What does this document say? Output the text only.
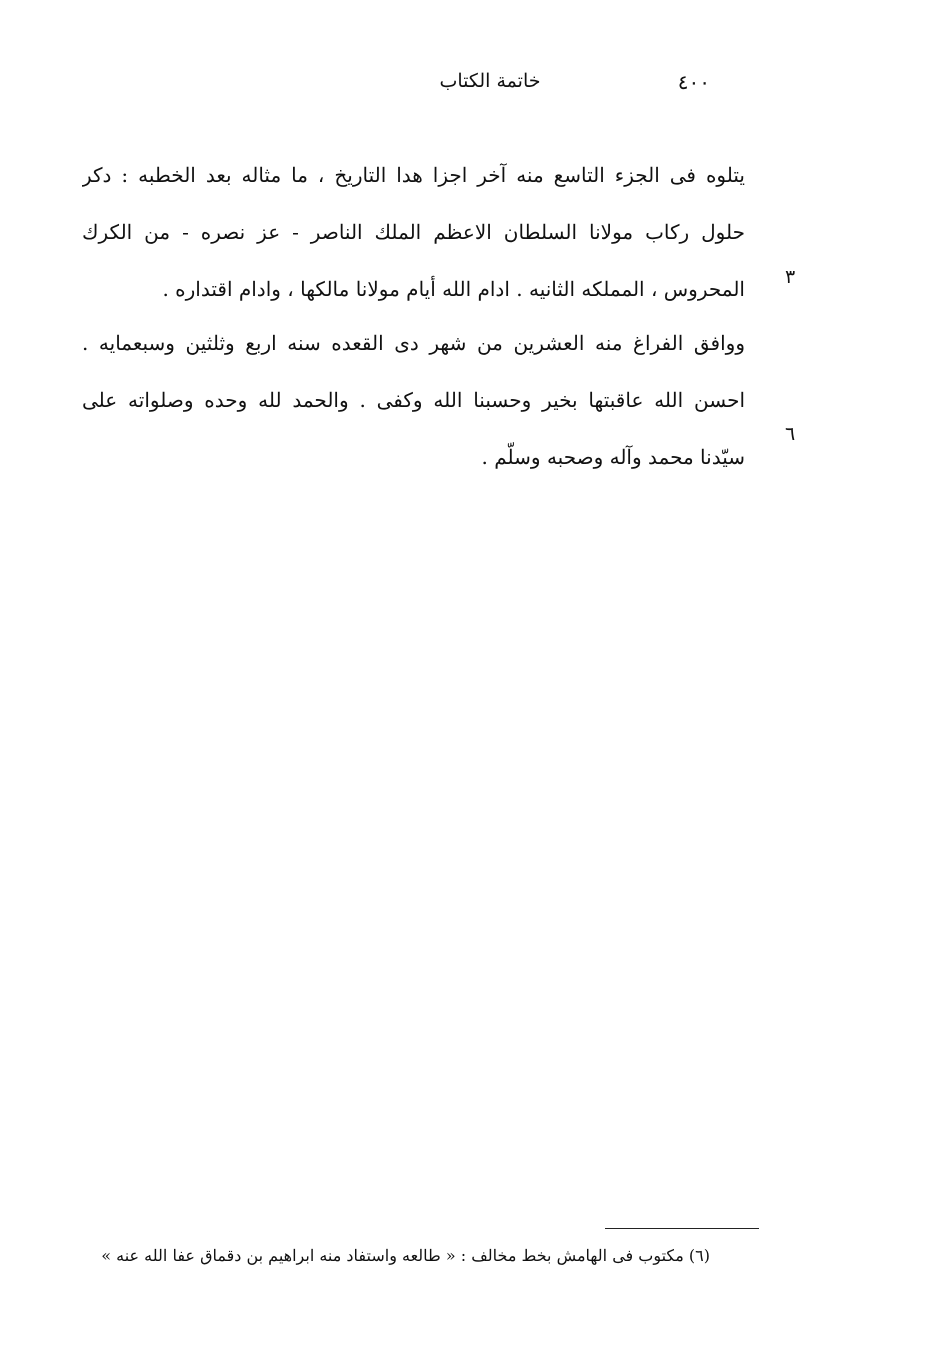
خاتمة الكتاب	٤٠٠
يتلوه فى الجزء التاسع منه آخر اجزا هدا التاريخ ، ما مثاله بعد الخطبه : دكر
حلول ركاب مولانا السلطان الاعظم الملك الناصر - عز نصره - من الكرك
المحروس ، المملكه الثانيه . ادام الله أيام مولانا مالكها ، وادام اقتداره . ٣
ووافق الفراغ منه العشرين من شهر دى القعده سنه اربع وثلثين وسبعمايه .
احسن الله عاقبتها بخير وحسبنا الله وكفى . والحمد لله وحده وصلواته على
سيّدنا محمد وآله وصحبه وسلّم .
٦
(٦) مكتوب فى الهامش بخط مخالف : « طالعه واستفاد منه ابراهيم بن دقماق عفا الله عنه »
